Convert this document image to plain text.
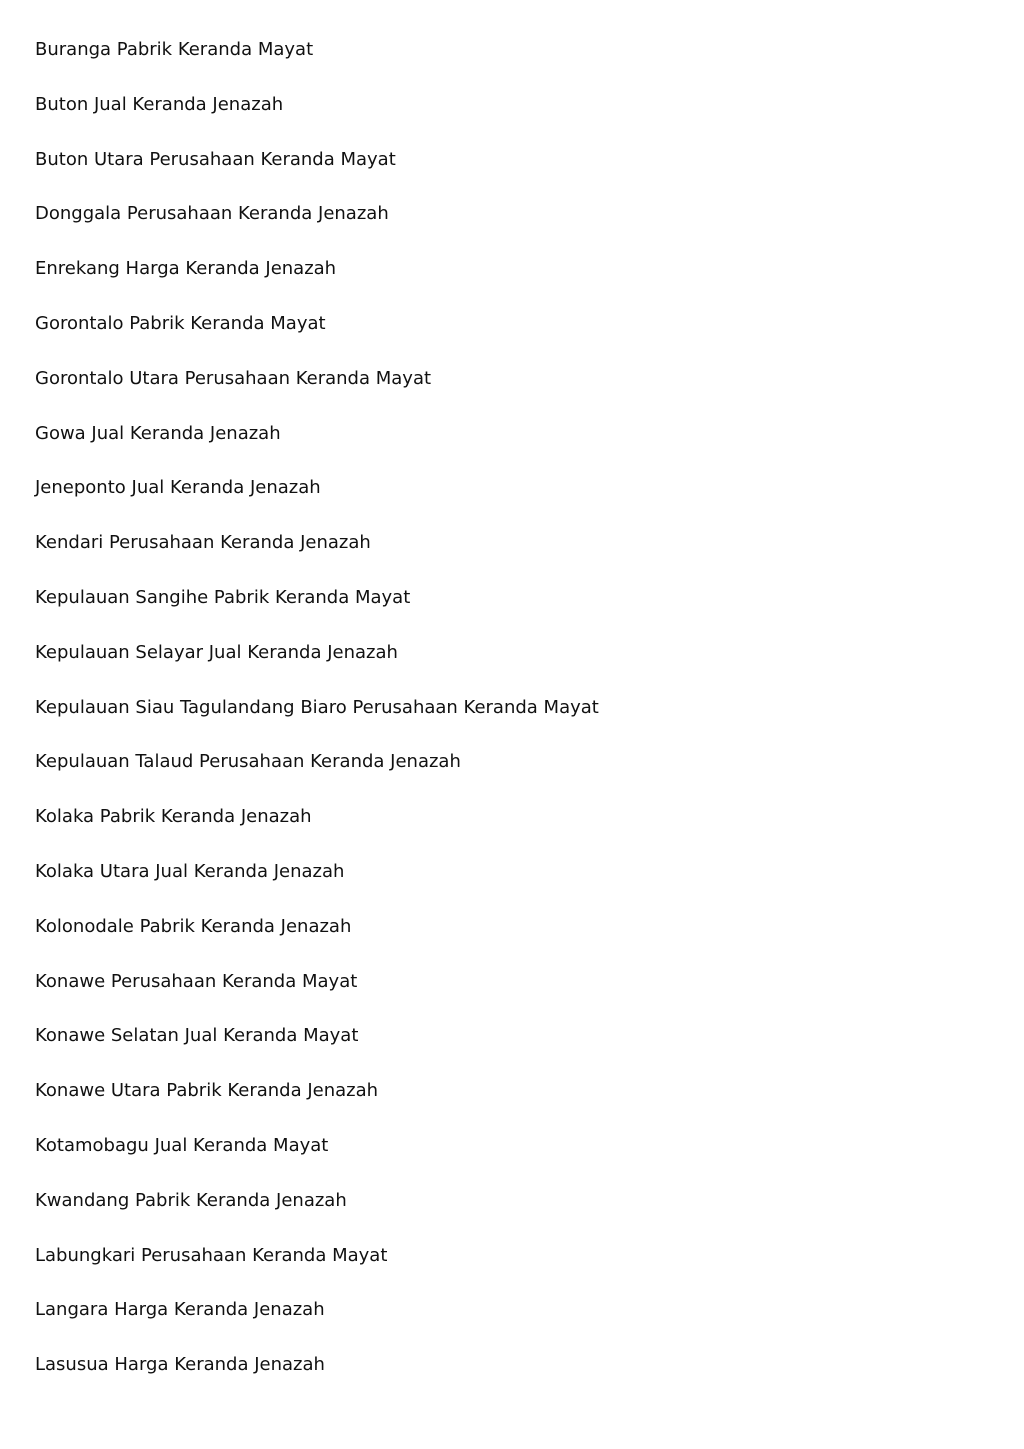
Buranga Pabrik Keranda Mayat
Buton Jual Keranda Jenazah
Buton Utara Perusahaan Keranda Mayat
Donggala Perusahaan Keranda Jenazah
Enrekang Harga Keranda Jenazah
Gorontalo Pabrik Keranda Mayat
Gorontalo Utara Perusahaan Keranda Mayat
Gowa Jual Keranda Jenazah
Jeneponto Jual Keranda Jenazah
Kendari Perusahaan Keranda Jenazah
Kepulauan Sangihe Pabrik Keranda Mayat
Kepulauan Selayar Jual Keranda Jenazah
Kepulauan Siau Tagulandang Biaro Perusahaan Keranda Mayat
Kepulauan Talaud Perusahaan Keranda Jenazah
Kolaka Pabrik Keranda Jenazah
Kolaka Utara Jual Keranda Jenazah
Kolonodale Pabrik Keranda Jenazah
Konawe Perusahaan Keranda Mayat
Konawe Selatan Jual Keranda Mayat
Konawe Utara Pabrik Keranda Jenazah
Kotamobagu Jual Keranda Mayat
Kwandang Pabrik Keranda Jenazah
Labungkari Perusahaan Keranda Mayat
Langara Harga Keranda Jenazah
Lasusua Harga Keranda Jenazah
